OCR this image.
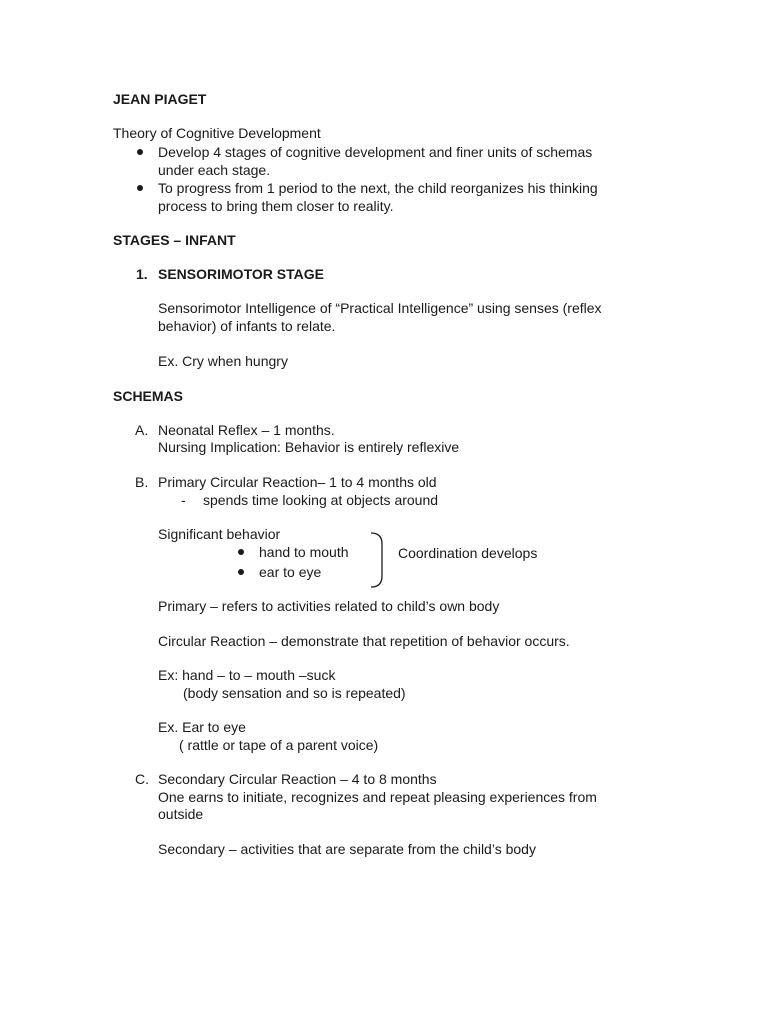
JEAN PIAGET
Theory of Cognitive Development
Develop 4 stages of cognitive development and finer units of schemas
under each stage.
To progress from 1 period to the next, the child reorganizes his thinking
process to bring them closer to reality.
STAGES – INFANT
1. SENSORIMOTOR STAGE
Sensorimotor Intelligence of “Practical Intelligence” using senses (reflex
behavior) of infants to relate.
Ex. Cry when hungry
SCHEMAS
A. Neonatal Reflex – 1 months.
Nursing Implication: Behavior is entirely reflexive
B. Primary Circular Reaction– 1 to 4 months old
- spends time looking at objects around
Significant behavior
hand to mouth
ear to eye
Coordination develops
Primary – refers to activities related to child’s own body
Circular Reaction – demonstrate that repetition of behavior occurs.
Ex: hand – to – mouth –suck
(body sensation and so is repeated)
Ex. Ear to eye
( rattle or tape of a parent voice)
C. Secondary Circular Reaction – 4 to 8 months
One earns to initiate, recognizes and repeat pleasing experiences from
outside
Secondary – activities that are separate from the child’s body
